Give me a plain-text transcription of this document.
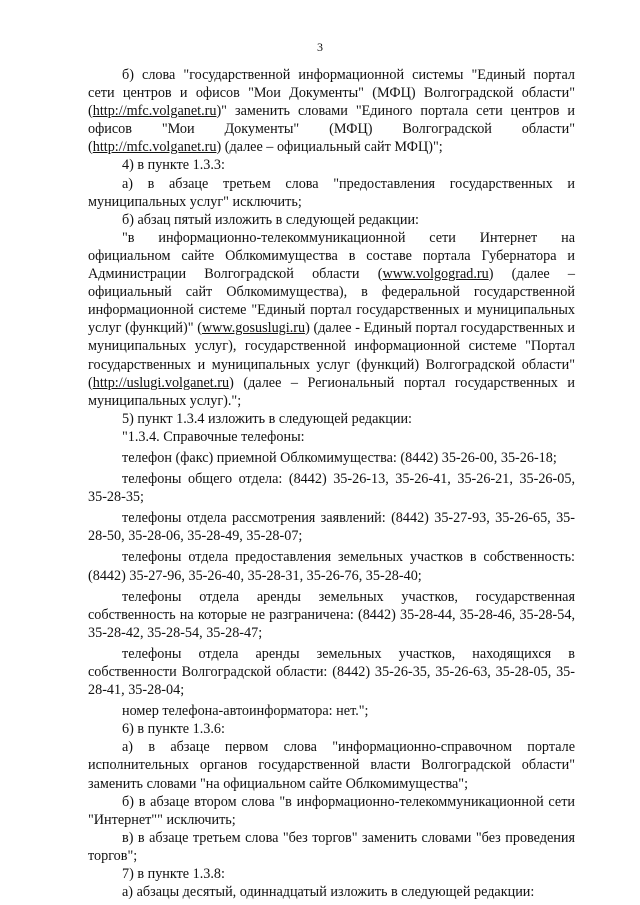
3

б) слова "государственной информационной системы "Единый портал сети центров и офисов "Мои Документы" (МФЦ) Волгоградской области" (http://mfc.volganet.ru)" заменить словами "Единого портала сети центров и офисов "Мои Документы" (МФЦ) Волгоградской области" (http://mfc.volganet.ru) (далее – официальный сайт МФЦ)";

4) в пункте 1.3.3:

а) в абзаце третьем слова "предоставления государственных и муниципальных услуг" исключить;

б) абзац пятый изложить в следующей редакции:

"в информационно-телекоммуникационной сети Интернет на официальном сайте Облкомимущества в составе портала Губернатора и Администрации Волгоградской области (www.volgograd.ru) (далее – официальный сайт Облкомимущества), в федеральной государственной информационной системе "Единый портал государственных и муниципальных услуг (функций)" (www.gosuslugi.ru) (далее - Единый портал государственных и муниципальных услуг), государственной информационной системе "Портал государственных и муниципальных услуг (функций) Волгоградской области" (http://uslugi.volganet.ru) (далее – Региональный портал государственных и муниципальных услуг).";

5) пункт 1.3.4 изложить в следующей редакции:

"1.3.4. Справочные телефоны:

телефон (факс) приемной Облкомимущества: (8442) 35-26-00, 35-26-18;

телефоны общего отдела: (8442) 35-26-13, 35-26-41, 35-26-21, 35-26-05, 35-28-35;

телефоны отдела рассмотрения заявлений: (8442) 35-27-93, 35-26-65, 35-28-50, 35-28-06, 35-28-49, 35-28-07;

телефоны отдела предоставления земельных участков в собственность: (8442) 35-27-96, 35-26-40, 35-28-31, 35-26-76, 35-28-40;

телефоны отдела аренды земельных участков, государственная собственность на которые не разграничена: (8442) 35-28-44, 35-28-46, 35-28-54, 35-28-42, 35-28-54, 35-28-47;

телефоны отдела аренды земельных участков, находящихся в собственности Волгоградской области: (8442) 35-26-35, 35-26-63, 35-28-05, 35-28-41, 35-28-04;

номер телефона-автоинформатора: нет.";

6) в пункте 1.3.6:

а) в абзаце первом слова "информационно-справочном портале исполнительных органов государственной власти Волгоградской области" заменить словами "на официальном сайте Облкомимущества";

б) в абзаце втором слова "в информационно-телекоммуникационной сети "Интернет"" исключить;

в) в абзаце третьем слова "без торгов" заменить словами "без проведения торгов";

7) в пункте 1.3.8:

а) абзацы десятый, одиннадцатый изложить в следующей редакции:
